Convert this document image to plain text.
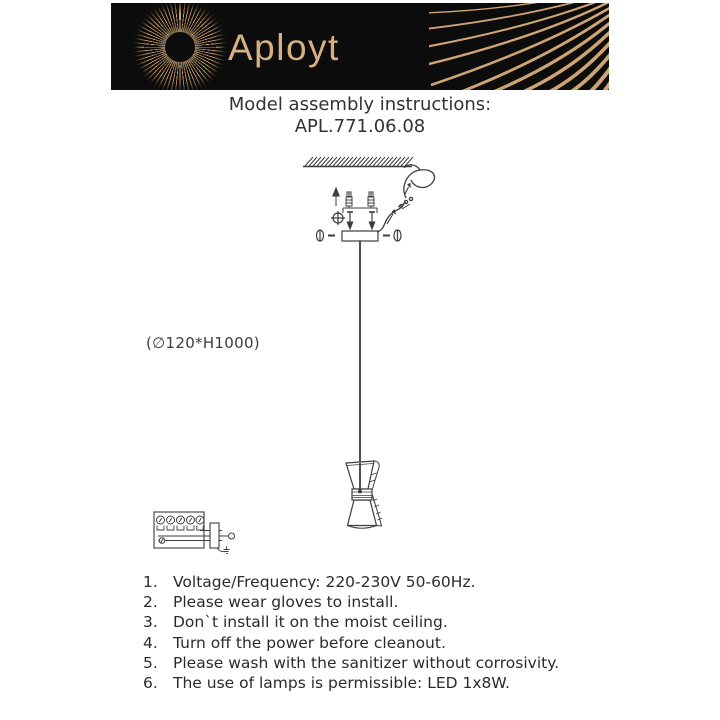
Aployt
Model assembly instructions:
APL.771.06.08
(∅120*H1000)
1. Voltage/Frequency: 220-230V 50-60Hz.
2. Please wear gloves to install.
3. Don`t install it on the moist ceiling.
4. Turn off the power before cleanout.
5. Please wash with the sanitizer without corrosivity.
6. The use of lamps is permissible: LED 1x8W.
